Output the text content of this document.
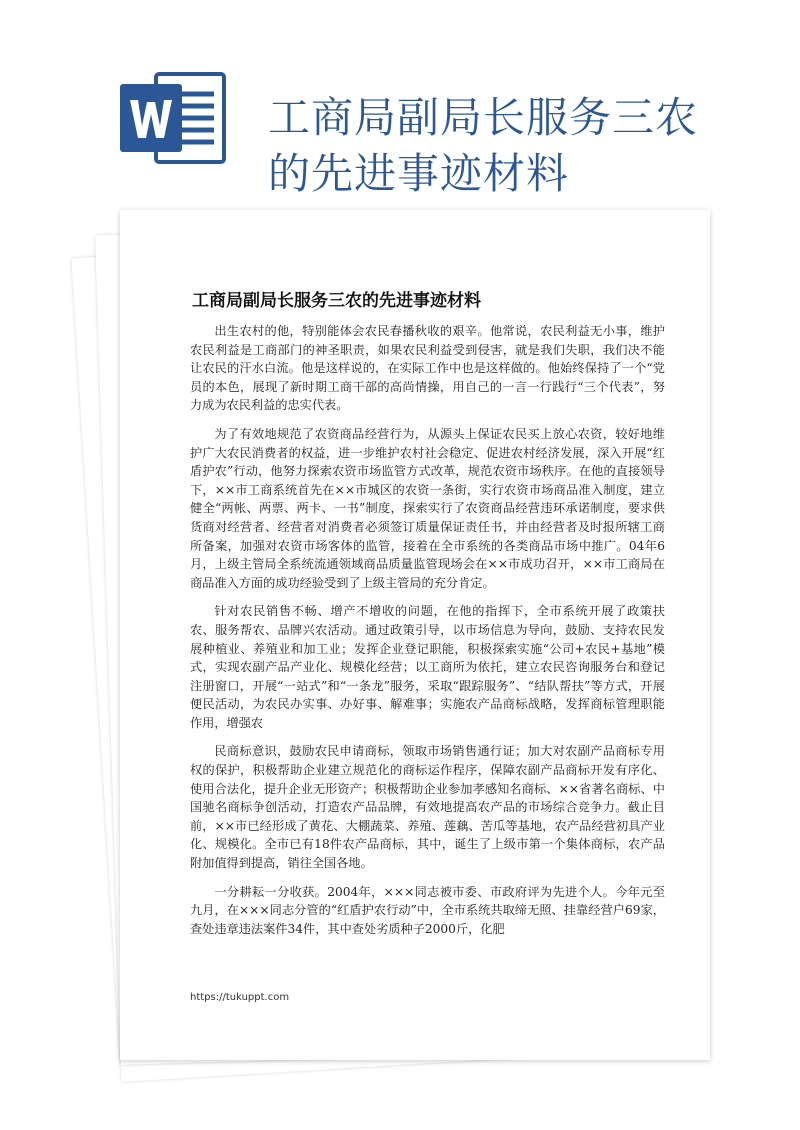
工商局副局长服务三农的先进事迹材料
工商局副局长服务三农的先进事迹材料

出生农村的他，特别能体会农民春播秋收的艰辛。他常说，农民利益无小事，维护农民利益是工商部门的神圣职责，如果农民利益受到侵害，就是我们失职，我们决不能让农民的汗水白流。他是这样说的，在实际工作中也是这样做的。他始终保持了一个“党员的本色，展现了新时期工商干部的高尚情操，用自己的一言一行践行“三个代表”，努力成为农民利益的忠实代表。

为了有效地规范了农资商品经营行为，从源头上保证农民买上放心农资，较好地维护广大农民消费者的权益，进一步维护农村社会稳定、促进农村经济发展，深入开展“红盾护农”行动，他努力探索农资市场监管方式改革，规范农资市场秩序。在他的直接领导下，××市工商系统首先在××市城区的农资一条街，实行农资市场商品准入制度，建立健全“两帐、两票、两卡、一书”制度，探索实行了农资商品经营违环承诺制度，要求供货商对经营者、经营者对消费者必须签订质量保证责任书，并由经营者及时报所辖工商所备案，加强对农资市场客体的监管，接着在全市系统的各类商品市场中推广。04年6月，上级主管局全系统流通领域商品质量监管现场会在××市成功召开，××市工商局在商品准入方面的成功经验受到了上级主管局的充分肯定。

针对农民销售不畅、增产不增收的问题，在他的指挥下，全市系统开展了政策扶农、服务帮农、品牌兴农活动。通过政策引导，以市场信息为导向，鼓励、支持农民发展种植业、养殖业和加工业；发挥企业登记职能，积极探索实施“公司+农民+基地”模式，实现农副产品产业化、规模化经营；以工商所为依托，建立农民咨询服务台和登记注册窗口，开展“一站式”和“一条龙”服务，采取“跟踪服务”、“结队帮扶”等方式，开展便民活动，为农民办实事、办好事、解难事；实施农产品商标战略，发挥商标管理职能作用，增强农

民商标意识，鼓励农民申请商标，领取市场销售通行证；加大对农副产品商标专用权的保护，积极帮助企业建立规范化的商标运作程序，保障农副产品商标开发有序化、使用合法化，提升企业无形资产；积极帮助企业参加孝感知名商标、××省著名商标、中国驰名商标争创活动，打造农产品品牌，有效地提高农产品的市场综合竞争力。截止目前，××市已经形成了黄花、大棚蔬菜、养殖、莲藕、苦瓜等基地，农产品经营初具产业化、规模化。全市已有18件农产品商标，其中，诞生了上级市第一个集体商标，农产品附加值得到提高，销往全国各地。

一分耕耘一分收获。2004年，×××同志被市委、市政府评为先进个人。今年元至九月，在×××同志分管的“红盾护农行动”中，全市系统共取缔无照、挂靠经营户69家，查处违章违法案件34件，其中查处劣质种子2000斤，化肥

https://tukuppt.com
